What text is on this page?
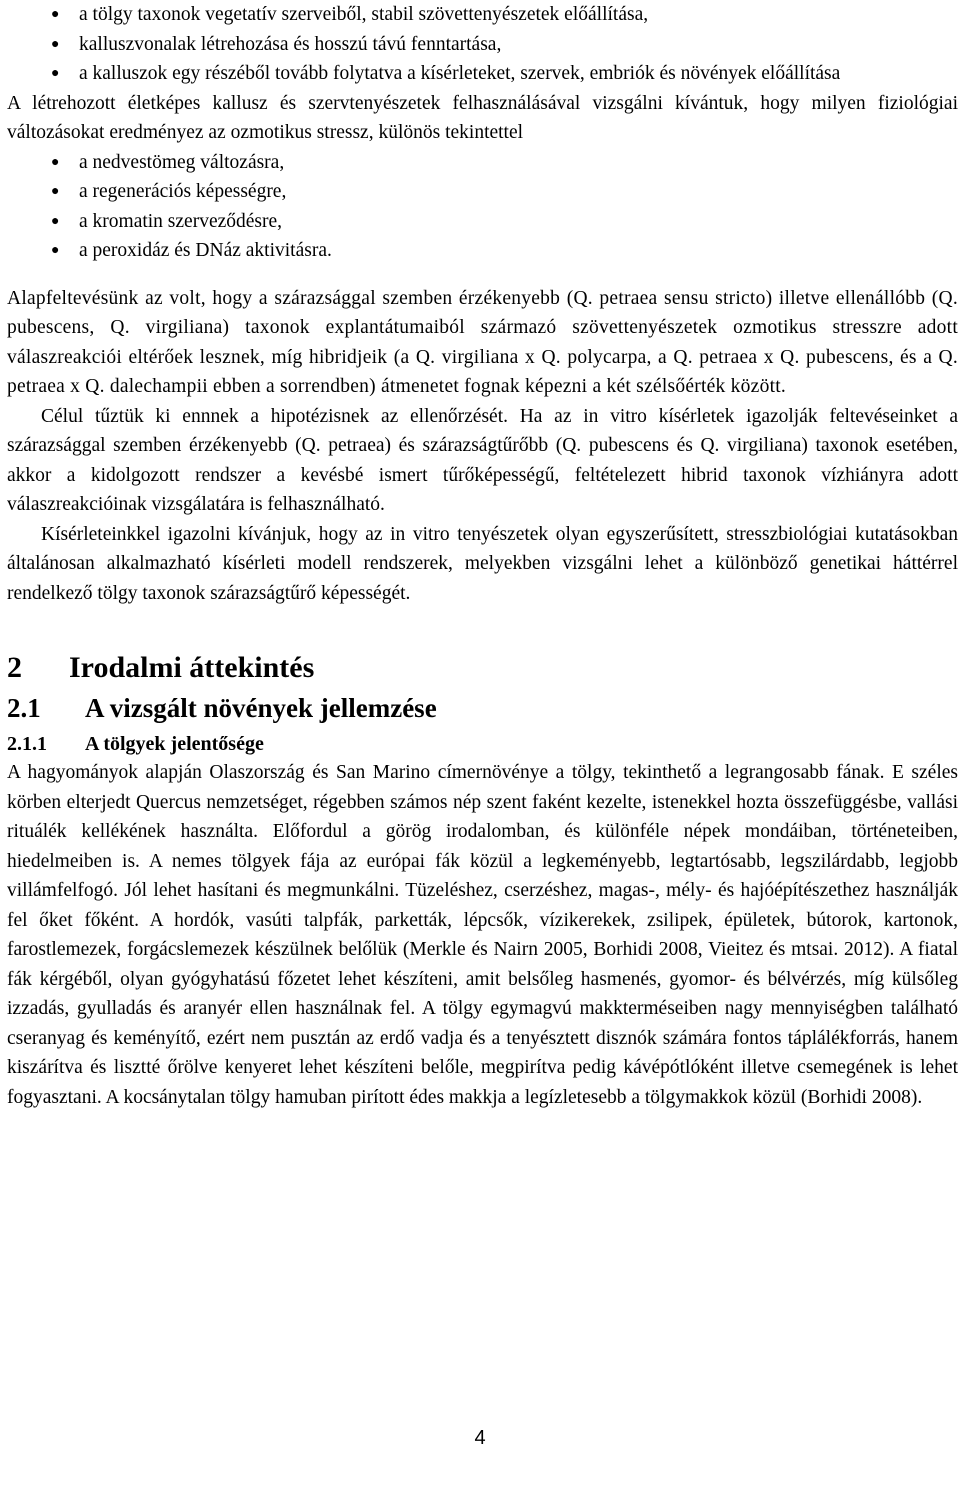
● a tölgy taxonok vegetatív szerveiből, stabil szövettenyészetek előállítása,
● kalluszvonalak létrehozása és hosszú távú fenntartása,
● a kalluszok egy részéből tovább folytatva a kísérleteket, szervek, embriók és növények előállítása

A létrehozott életképes kallusz és szervtenyészetek felhasználásával vizsgálni kívántuk, hogy milyen fiziológiai változásokat eredményez az ozmotikus stressz, különös tekintettel

● a nedvestömeg változásra,
● a regenerációs képességre,
● a kromatin szerveződésre,
● a peroxidáz és DNáz aktivitásra.

Alapfeltevésünk az volt, hogy a szárazsággal szemben érzékenyebb (Q. petraea sensu stricto) illetve ellenállóbb (Q. pubescens, Q. virgiliana) taxonok explantátumaiból származó szövettenyészetek ozmotikus stresszre adott válaszreakciói eltérőek lesznek, míg hibridjeik (a Q. virgiliana x Q. polycarpa, a Q. petraea x Q. pubescens, és a Q. petraea x Q. dalechampii ebben a sorrendben) átmenetet fognak képezni a két szélsőérték között.

Célul tűztük ki ennnek a hipotézisnek az ellenőrzését. Ha az in vitro kísérletek igazolják feltevéseinket a szárazsággal szemben érzékenyebb (Q. petraea) és szárazságtűrőbb (Q. pubescens és Q. virgiliana) taxonok esetében, akkor a kidolgozott rendszer a kevésbé ismert tűrőképességű, feltételezett hibrid taxonok vízhiányra adott válaszreakcióinak vizsgálatára is felhasználható.

Kísérleteinkkel igazolni kívánjuk, hogy az in vitro tenyészetek olyan egyszerűsített, stresszbiológiai kutatásokban általánosan alkalmazható kísérleti modell rendszerek, melyekben vizsgálni lehet a különböző genetikai háttérrel rendelkező tölgy taxonok szárazságtűrő képességét.

2 Irodalmi áttekintés
2.1 A vizsgált növények jellemzése
2.1.1 A tölgyek jelentősége

A hagyományok alapján Olaszország és San Marino címernövénye a tölgy, tekinthető a legrangosabb fának. E széles körben elterjedt Quercus nemzetséget, régebben számos nép szent faként kezelte, istenekkel hozta összefüggésbe, vallási rituálék kellékének használta. Előfordul a görög irodalomban, és különféle népek mondáiban, történeteiben, hiedelmeiben is. A nemes tölgyek fája az európai fák közül a legkeményebb, legtartósabb, legszilárdabb, legjobb villámfelfogó. Jól lehet hasítani és megmunkálni. Tüzeléshez, cserzéshez, magas-, mély- és hajóépítészethez használják fel őket főként. A hordók, vasúti talpfák, parketták, lépcsők, vízikerekek, zsilipek, épületek, bútorok, kartonok, farostlemezek, forgácslemezek készülnek belőlük (Merkle és Nairn 2005, Borhidi 2008, Vieitez és mtsai. 2012). A fiatal fák kérgéből, olyan gyógyhatású főzetet lehet készíteni, amit belsőleg hasmenés, gyomor- és bélvérzés, míg külsőleg izzadás, gyulladás és aranyér ellen használnak fel. A tölgy egymagvú makkterméseiben nagy mennyiségben található cseranyag és keményítő, ezért nem pusztán az erdő vadja és a tenyésztett disznók számára fontos táplálékforrás, hanem kiszárítva és lisztté őrölve kenyeret lehet készíteni belőle, megpirítva pedig kávépótlóként illetve csemegének is lehet fogyasztani. A kocsánytalan tölgy hamuban pirított édes makkja a legízletesebb a tölgymakkok közül (Borhidi 2008).

4
